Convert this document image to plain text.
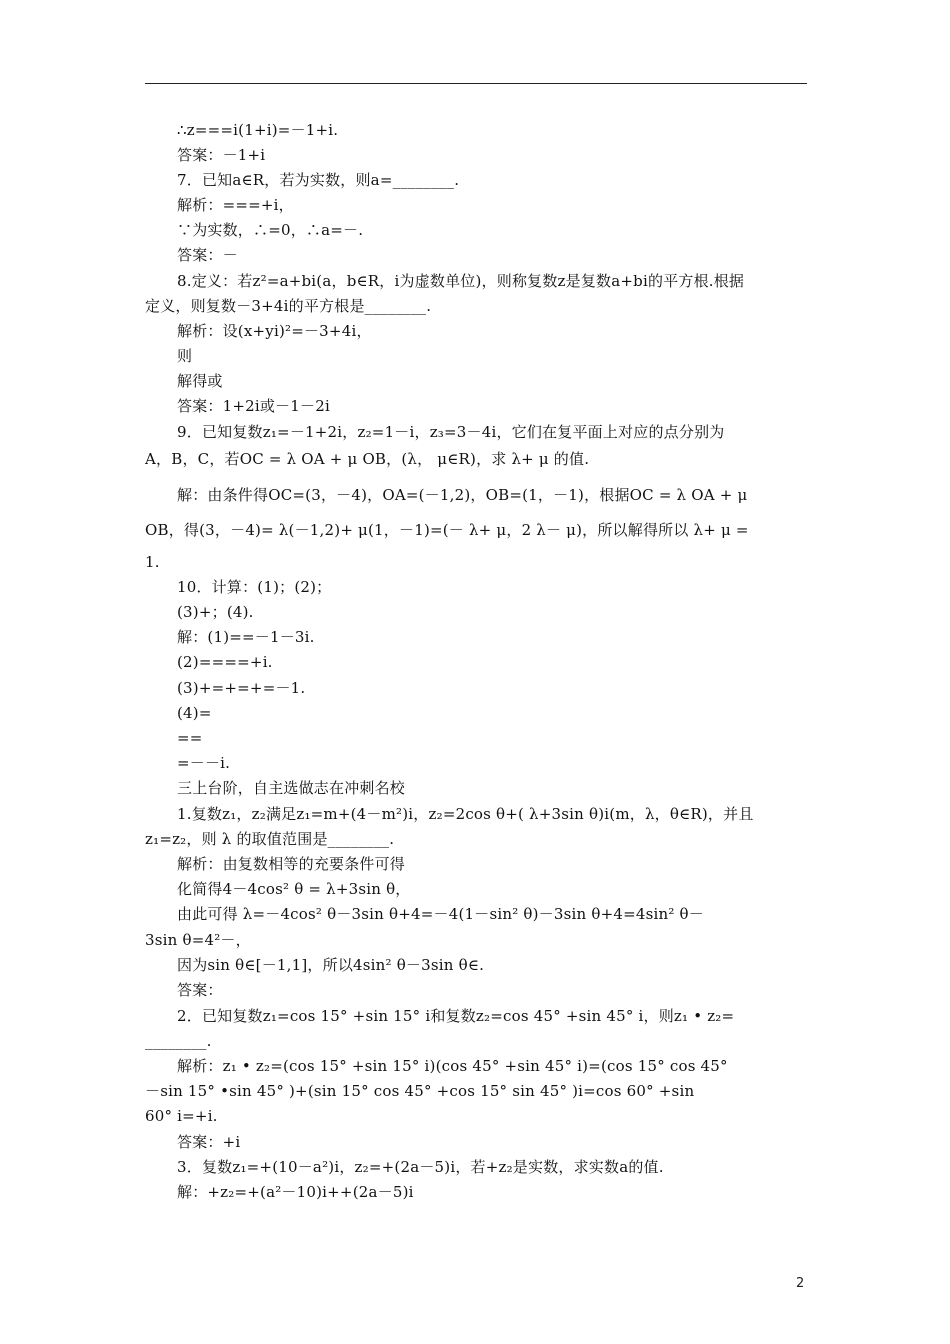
∴z===i(1+i)=－1+i.
答案：－1+i
7．已知a∈R，若为实数，则a=________.
解析：===+i，
∵为实数，∴=0，∴a=－.
答案：－
8.定义：若z²=a+bi(a，b∈R，i为虚数单位)，则称复数z是复数a+bi的平方根.根据
定义，则复数－3+4i的平方根是________.
解析：设(x+yi)²=－3+4i，
则
解得或
答案：1+2i或－1－2i
9．已知复数z₁=－1+2i，z₂=1－i，z₃=3－4i，它们在复平面上对应的点分别为
A，B，C，若OC = λ OA + μ OB，(λ， μ∈R)，求 λ+ μ 的值.
解：由条件得OC=(3，－4)，OA=(－1,2)，OB=(1，－1)，根据OC = λ OA + μ
OB，得(3，－4)= λ(－1,2)+ μ(1，－1)=(－ λ+ μ，2 λ－ μ)，所以解得所以 λ+ μ =
1.
10．计算：(1)；(2)；
(3)+；(4).
解：(1)==－1－3i.
(2)====+i.
(3)+=+=+=－1.
(4)=
==
=－－i.
三上台阶，自主选做志在冲刺名校
1.复数z₁，z₂满足z₁=m+(4－m²)i，z₂=2cos θ+( λ+3sin θ)i(m，λ，θ∈R)，并且
z₁=z₂，则 λ 的取值范围是________.
解析：由复数相等的充要条件可得
化简得4－4cos² θ = λ+3sin θ，
由此可得 λ=－4cos² θ－3sin θ+4=－4(1－sin² θ)－3sin θ+4=4sin² θ－
3sin θ=4²－，
因为sin θ∈[－1,1]，所以4sin² θ－3sin θ∈.
答案：
2．已知复数z₁=cos 15° +sin 15° i和复数z₂=cos 45° +sin 45° i，则z₁ • z₂=
________.
解析：z₁ • z₂=(cos 15° +sin 15° i)(cos 45° +sin 45° i)=(cos 15° cos 45°
－sin 15° •sin 45° )+(sin 15° cos 45° +cos 15° sin 45° )i=cos 60° +sin
60° i=+i.
答案：+i
3．复数z₁=+(10－a²)i，z₂=+(2a－5)i，若+z₂是实数，求实数a的值.
解：+z₂=+(a²－10)i++(2a－5)i
2
